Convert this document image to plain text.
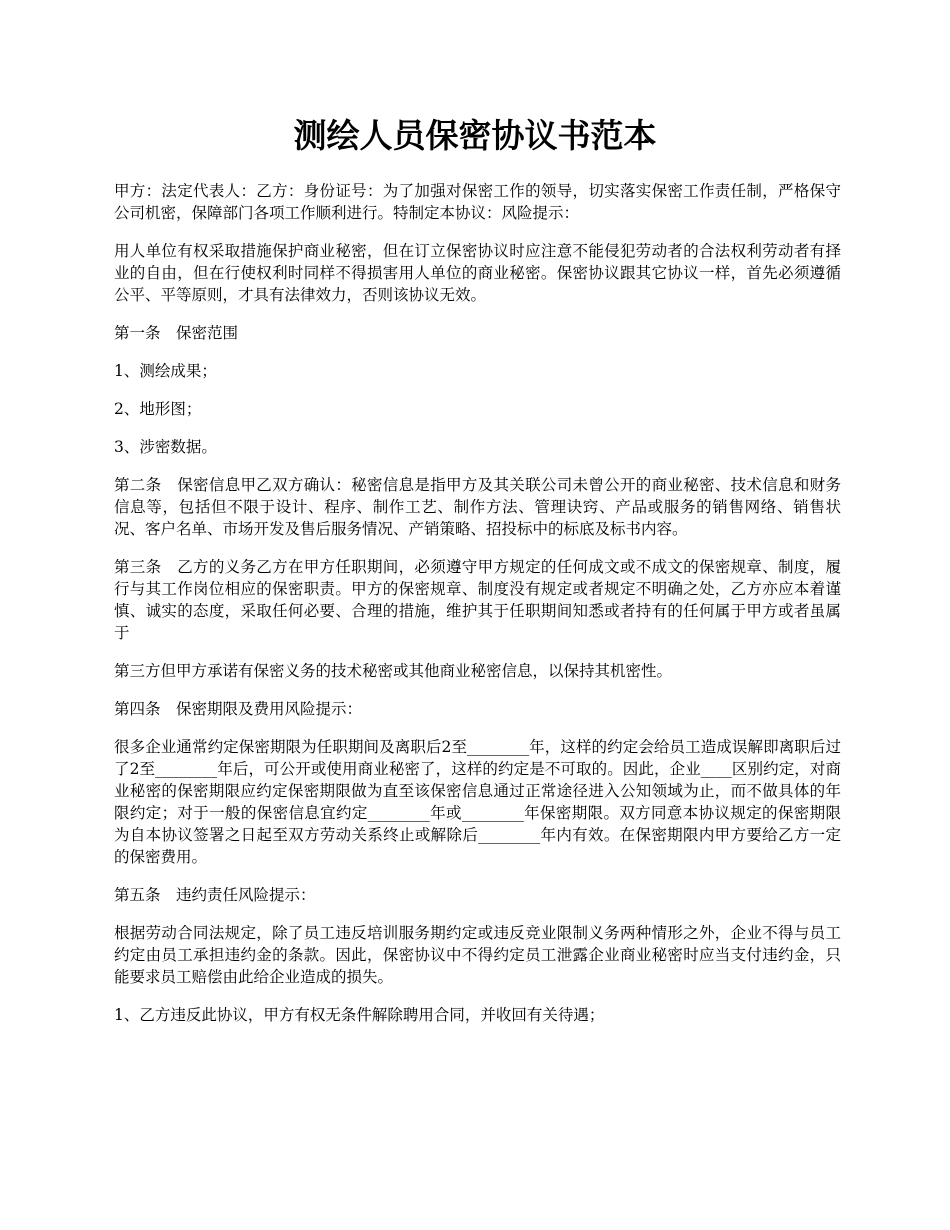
测绘人员保密协议书范本

甲方：法定代表人：乙方：身份证号：为了加强对保密工作的领导，切实落实保密工作责任制，严格保守公司机密，保障部门各项工作顺利进行。特制定本协议：风险提示：

用人单位有权采取措施保护商业秘密，但在订立保密协议时应注意不能侵犯劳动者的合法权利劳动者有择业的自由，但在行使权利时同样不得损害用人单位的商业秘密。保密协议跟其它协议一样，首先必须遵循公平、平等原则，才具有法律效力，否则该协议无效。

第一条　保密范围

1、测绘成果；

2、地形图；

3、涉密数据。

第二条　保密信息甲乙双方确认：秘密信息是指甲方及其关联公司未曾公开的商业秘密、技术信息和财务信息等，包括但不限于设计、程序、制作工艺、制作方法、管理诀窍、产品或服务的销售网络、销售状况、客户名单、市场开发及售后服务情况、产销策略、招投标中的标底及标书内容。

第三条　乙方的义务乙方在甲方任职期间，必须遵守甲方规定的任何成文或不成文的保密规章、制度，履行与其工作岗位相应的保密职责。甲方的保密规章、制度没有规定或者规定不明确之处，乙方亦应本着谨慎、诚实的态度，采取任何必要、合理的措施，维护其于任职期间知悉或者持有的任何属于甲方或者虽属于

第三方但甲方承诺有保密义务的技术秘密或其他商业秘密信息，以保持其机密性。

第四条　保密期限及费用风险提示：

很多企业通常约定保密期限为任职期间及离职后2至________年，这样的约定会给员工造成误解即离职后过了2至________年后，可公开或使用商业秘密了，这样的约定是不可取的。因此，企业____区别约定，对商业秘密的保密期限应约定保密期限做为直至该保密信息通过正常途径进入公知领域为止，而不做具体的年限约定；对于一般的保密信息宜约定________年或________年保密期限。双方同意本协议规定的保密期限为自本协议签署之日起至双方劳动关系终止或解除后________年内有效。在保密期限内甲方要给乙方一定的保密费用。

第五条　违约责任风险提示：

根据劳动合同法规定，除了员工违反培训服务期约定或违反竞业限制义务两种情形之外，企业不得与员工约定由员工承担违约金的条款。因此，保密协议中不得约定员工泄露企业商业秘密时应当支付违约金，只能要求员工赔偿由此给企业造成的损失。

1、乙方违反此协议，甲方有权无条件解除聘用合同，并收回有关待遇；
